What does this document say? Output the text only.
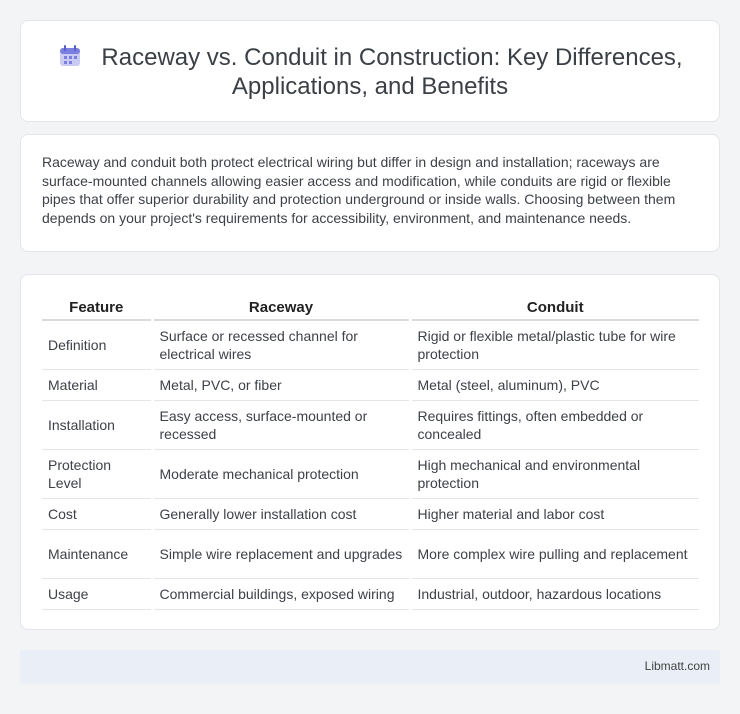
Raceway vs. Conduit in Construction: Key Differences,
Applications, and Benefits

Raceway and conduit both protect electrical wiring but differ in design and installation; raceways are surface-mounted channels allowing easier access and modification, while conduits are rigid or flexible pipes that offer superior durability and protection underground or inside walls. Choosing between them depends on your project's requirements for accessibility, environment, and maintenance needs.

Feature	Raceway	Conduit
Definition	Surface or recessed channel for electrical wires	Rigid or flexible metal/plastic tube for wire protection
Material	Metal, PVC, or fiber	Metal (steel, aluminum), PVC
Installation	Easy access, surface-mounted or recessed	Requires fittings, often embedded or concealed
Protection Level	Moderate mechanical protection	High mechanical and environmental protection
Cost	Generally lower installation cost	Higher material and labor cost
Maintenance	Simple wire replacement and upgrades	More complex wire pulling and replacement
Usage	Commercial buildings, exposed wiring	Industrial, outdoor, hazardous locations
Libmatt.com
